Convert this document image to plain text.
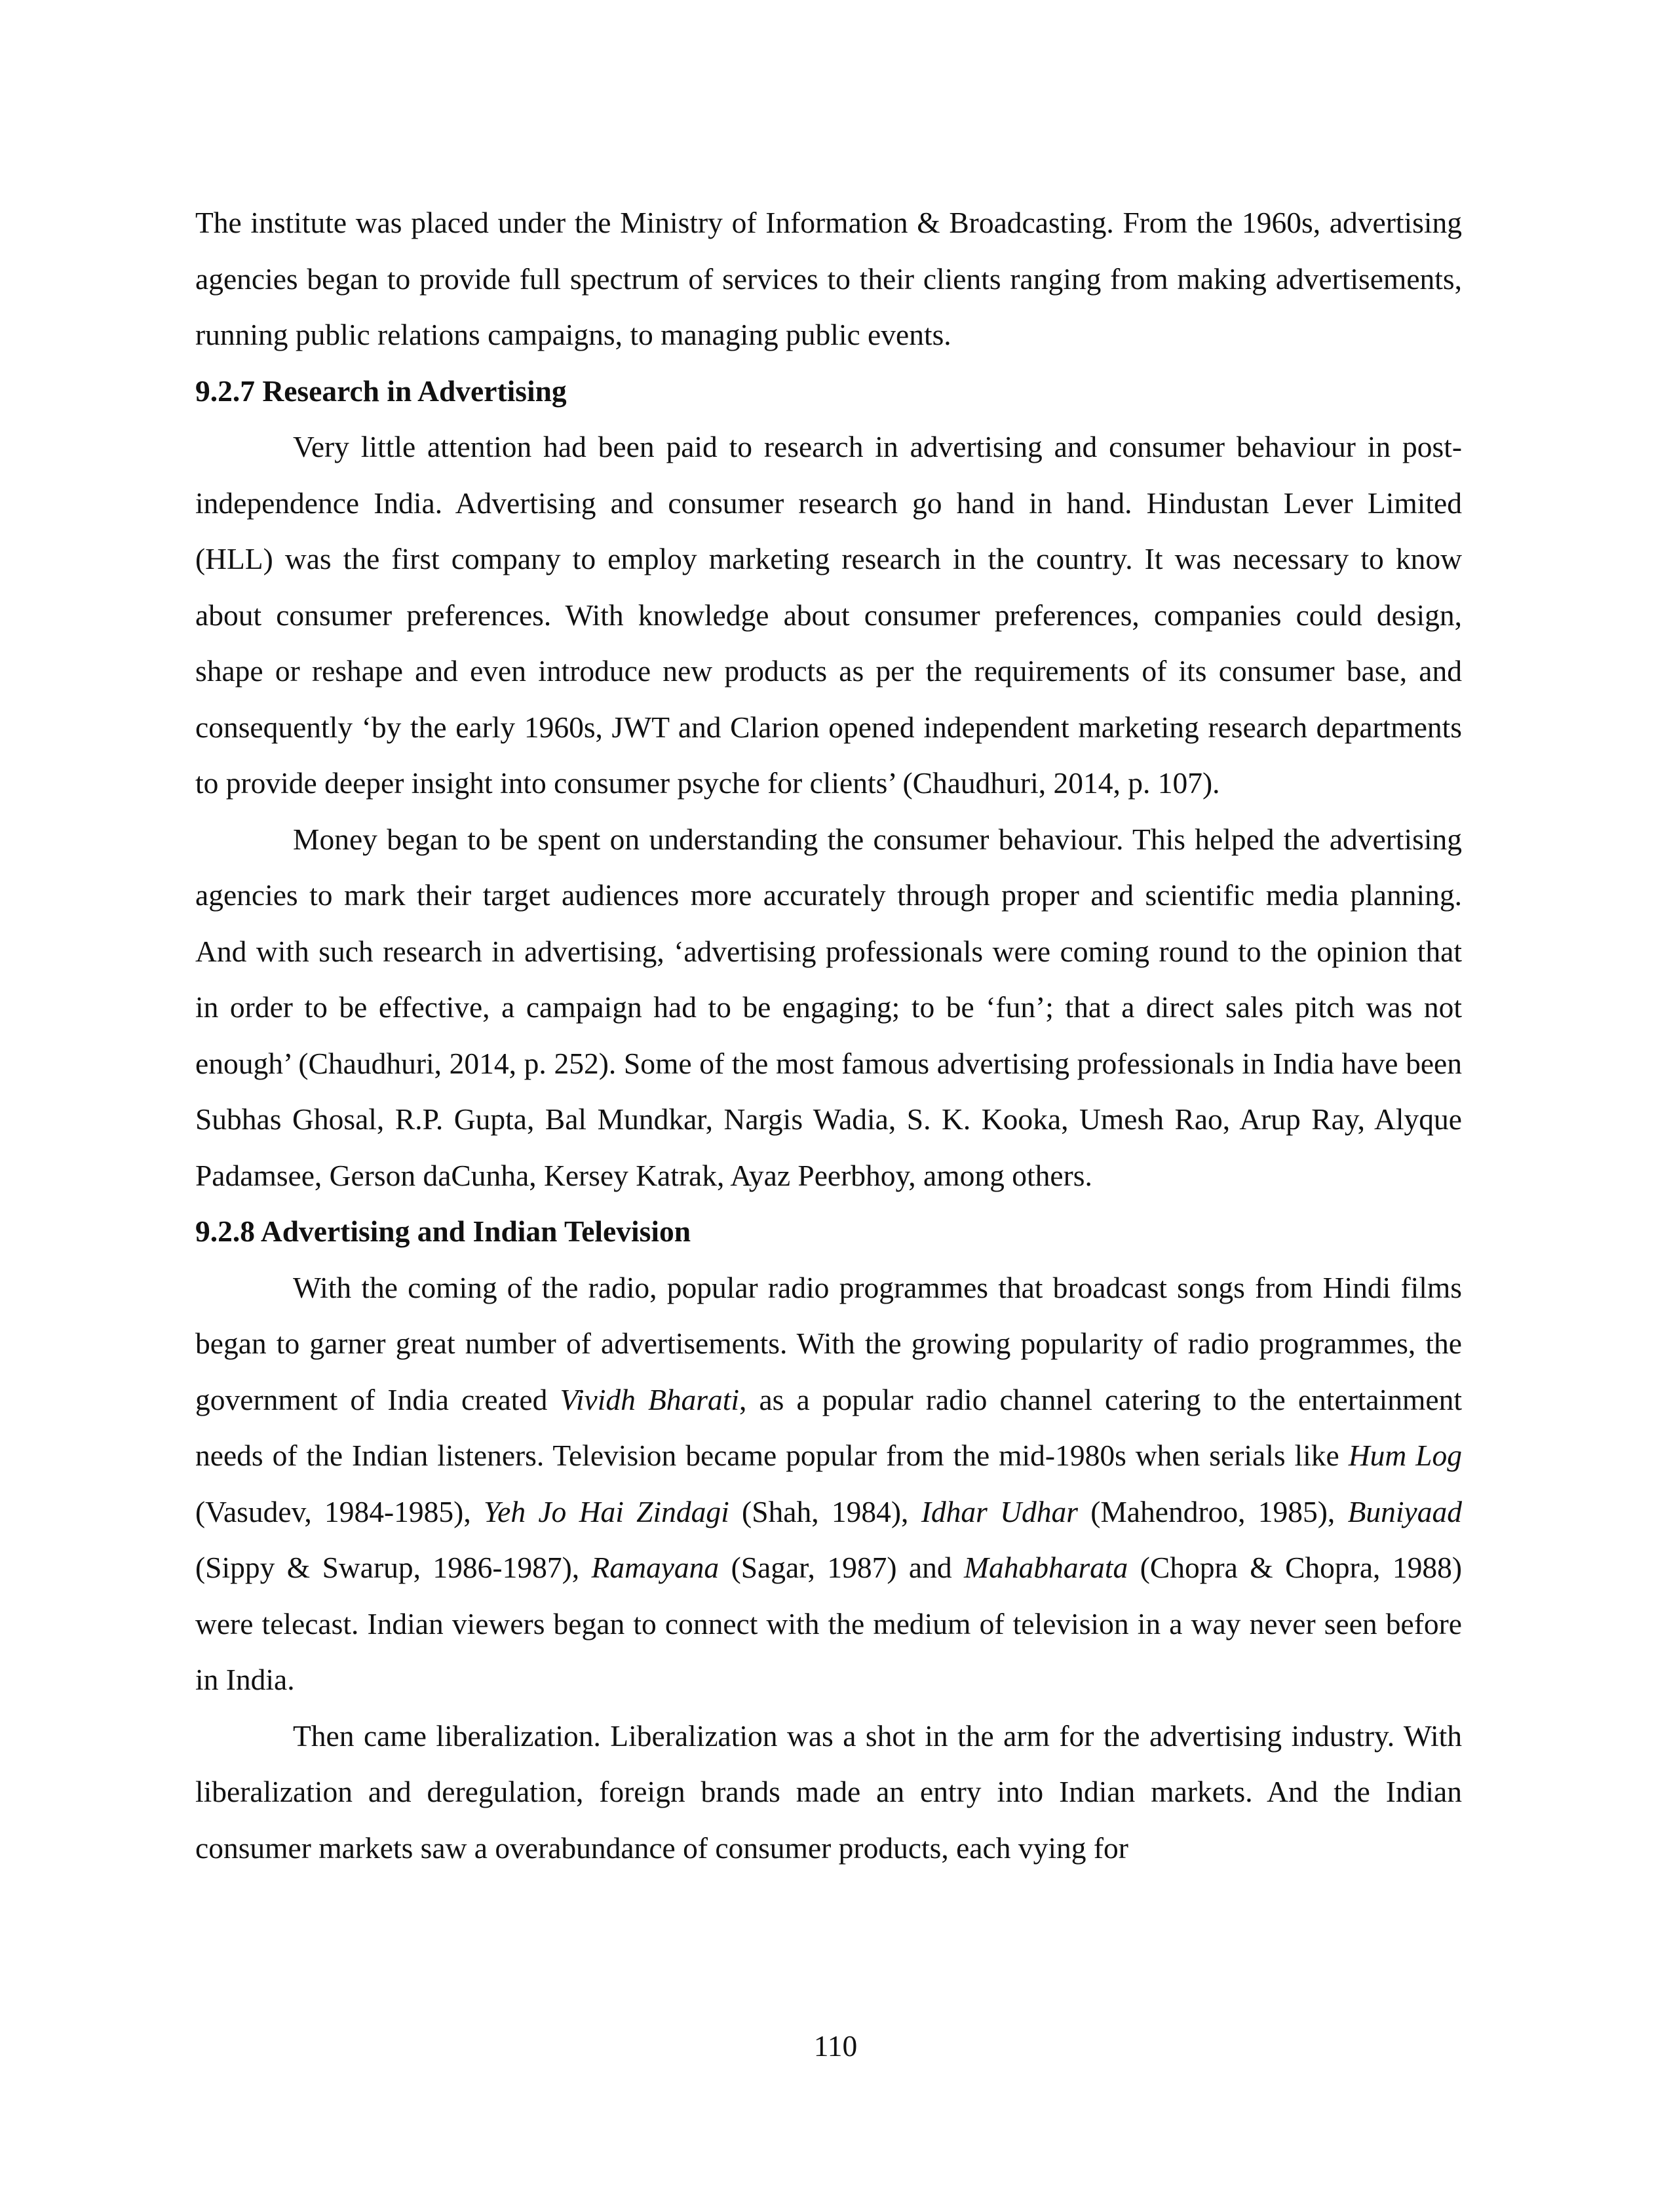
The institute was placed under the Ministry of Information & Broadcasting. From the 1960s, advertising agencies began to provide full spectrum of services to their clients ranging from making advertisements, running public relations campaigns, to managing public events.

9.2.7 Research in Advertising

Very little attention had been paid to research in advertising and consumer behaviour in post-independence India. Advertising and consumer research go hand in hand. Hindustan Lever Limited (HLL) was the first company to employ marketing research in the country. It was necessary to know about consumer preferences. With knowledge about consumer preferences, companies could design, shape or reshape and even introduce new products as per the requirements of its consumer base, and consequently ‘by the early 1960s, JWT and Clarion opened independent marketing research departments to provide deeper insight into consumer psyche for clients’ (Chaudhuri, 2014, p. 107).

Money began to be spent on understanding the consumer behaviour. This helped the advertising agencies to mark their target audiences more accurately through proper and scientific media planning. And with such research in advertising, ‘advertising professionals were coming round to the opinion that in order to be effective, a campaign had to be engaging; to be ‘fun’; that a direct sales pitch was not enough’ (Chaudhuri, 2014, p. 252). Some of the most famous advertising professionals in India have been Subhas Ghosal, R.P. Gupta, Bal Mundkar, Nargis Wadia, S. K. Kooka, Umesh Rao, Arup Ray, Alyque Padamsee, Gerson daCunha, Kersey Katrak, Ayaz Peerbhoy, among others.

9.2.8 Advertising and Indian Television

With the coming of the radio, popular radio programmes that broadcast songs from Hindi films began to garner great number of advertisements. With the growing popularity of radio programmes, the government of India created Vividh Bharati, as a popular radio channel catering to the entertainment needs of the Indian listeners. Television became popular from the mid-1980s when serials like Hum Log (Vasudev, 1984-1985), Yeh Jo Hai Zindagi (Shah, 1984), Idhar Udhar (Mahendroo, 1985), Buniyaad (Sippy & Swarup, 1986-1987), Ramayana (Sagar, 1987) and Mahabharata (Chopra & Chopra, 1988) were telecast. Indian viewers began to connect with the medium of television in a way never seen before in India.

Then came liberalization. Liberalization was a shot in the arm for the advertising industry. With liberalization and deregulation, foreign brands made an entry into Indian markets. And the Indian consumer markets saw a overabundance of consumer products, each vying for

110
